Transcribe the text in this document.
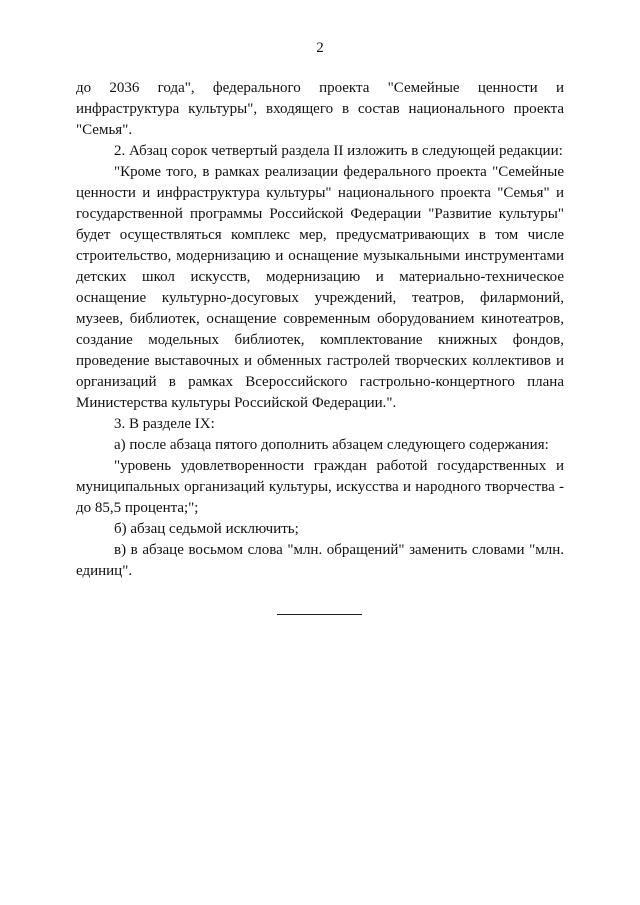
2

до 2036 года", федерального проекта "Семейные ценности и инфраструктура культуры", входящего в состав национального проекта "Семья".

2. Абзац сорок четвертый раздела II изложить в следующей редакции:

"Кроме того, в рамках реализации федерального проекта "Семейные ценности и инфраструктура культуры" национального проекта "Семья" и государственной программы Российской Федерации "Развитие культуры" будет осуществляться комплекс мер, предусматривающих в том числе строительство, модернизацию и оснащение музыкальными инструментами детских школ искусств, модернизацию и материально-техническое оснащение культурно-досуговых учреждений, театров, филармоний, музеев, библиотек, оснащение современным оборудованием кинотеатров, создание модельных библиотек, комплектование книжных фондов, проведение выставочных и обменных гастролей творческих коллективов и организаций в рамках Всероссийского гастрольно-концертного плана Министерства культуры Российской Федерации.".

3. В разделе IX:

а) после абзаца пятого дополнить абзацем следующего содержания:

"уровень удовлетворенности граждан работой государственных и муниципальных организаций культуры, искусства и народного творчества - до 85,5 процента;";

б) абзац седьмой исключить;

в) в абзаце восьмом слова "млн. обращений" заменить словами "млн. единиц".
